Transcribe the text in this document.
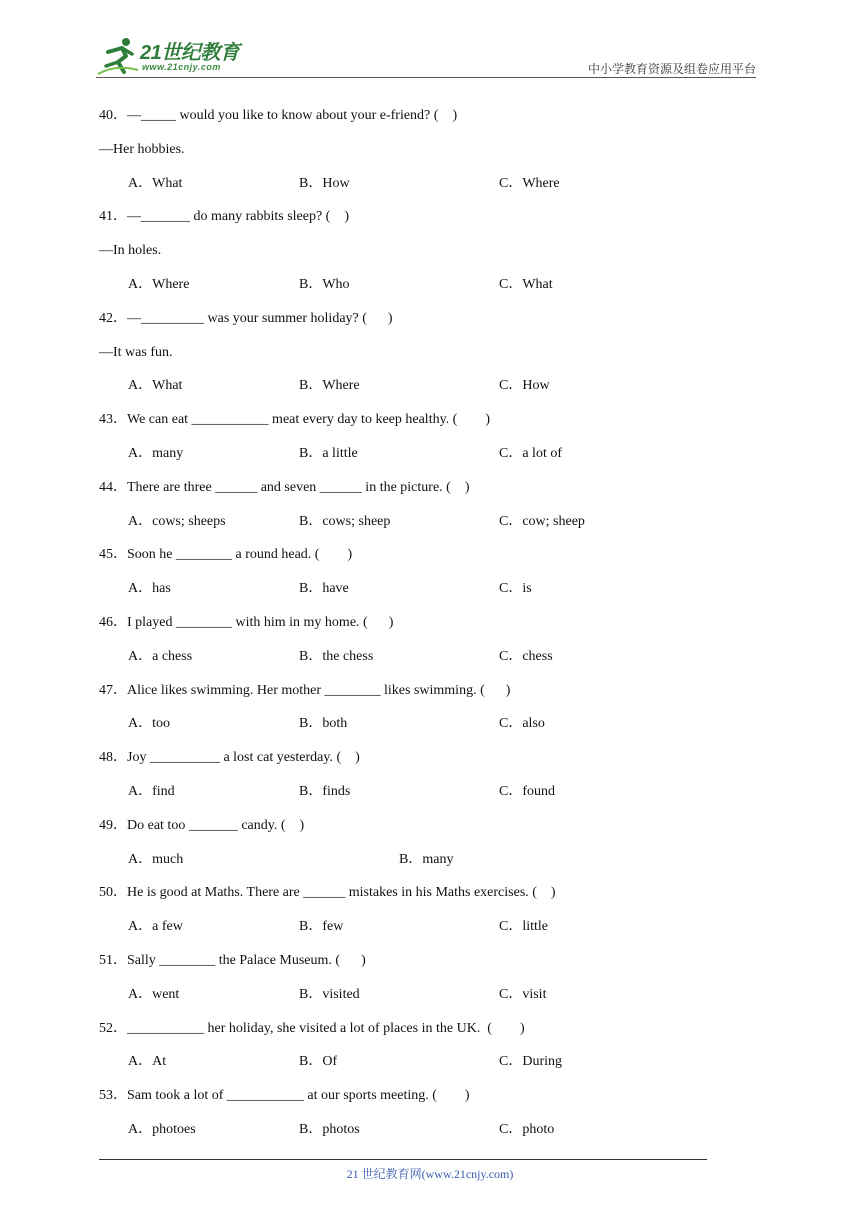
21世纪教育
www.21cnjy.com	中小学教育资源及组卷应用平台
40．—_____ would you like to know about your e-friend? (    )
—Her hobbies.
A．What	B．How	C．Where
41．—_______ do many rabbits sleep? (    )
—In holes.
A．Where	B．Who	C．What
42．—_________ was your summer holiday? (      )
—It was fun.
A．What	B．Where	C．How
43．We can eat ___________ meat every day to keep healthy. (        )
A．many	B．a little	C．a lot of
44．There are three ______ and seven ______ in the picture. (    )
A．cows; sheeps	B．cows; sheep	C．cow; sheep
45．Soon he ________ a round head. (        )
A．has	B．have	C．is
46．I played ________ with him in my home. (      )
A．a chess	B．the chess	C．chess
47．Alice likes swimming. Her mother ________ likes swimming. (      )
A．too	B．both	C．also
48．Joy __________ a lost cat yesterday. (    )
A．find	B．finds	C．found
49．Do eat too _______ candy. (    )
A．much	B．many
50．He is good at Maths. There are ______ mistakes in his Maths exercises. (    )
A．a few	B．few	C．little
51．Sally ________ the Palace Museum. (      )
A．went	B．visited	C．visit
52．___________ her holiday, she visited a lot of places in the UK.  (        )
A．At	B．Of	C．During
53．Sam took a lot of ___________ at our sports meeting. (        )
A．photoes	B．photos	C．photo
21 世纪教育网(www.21cnjy.com)
